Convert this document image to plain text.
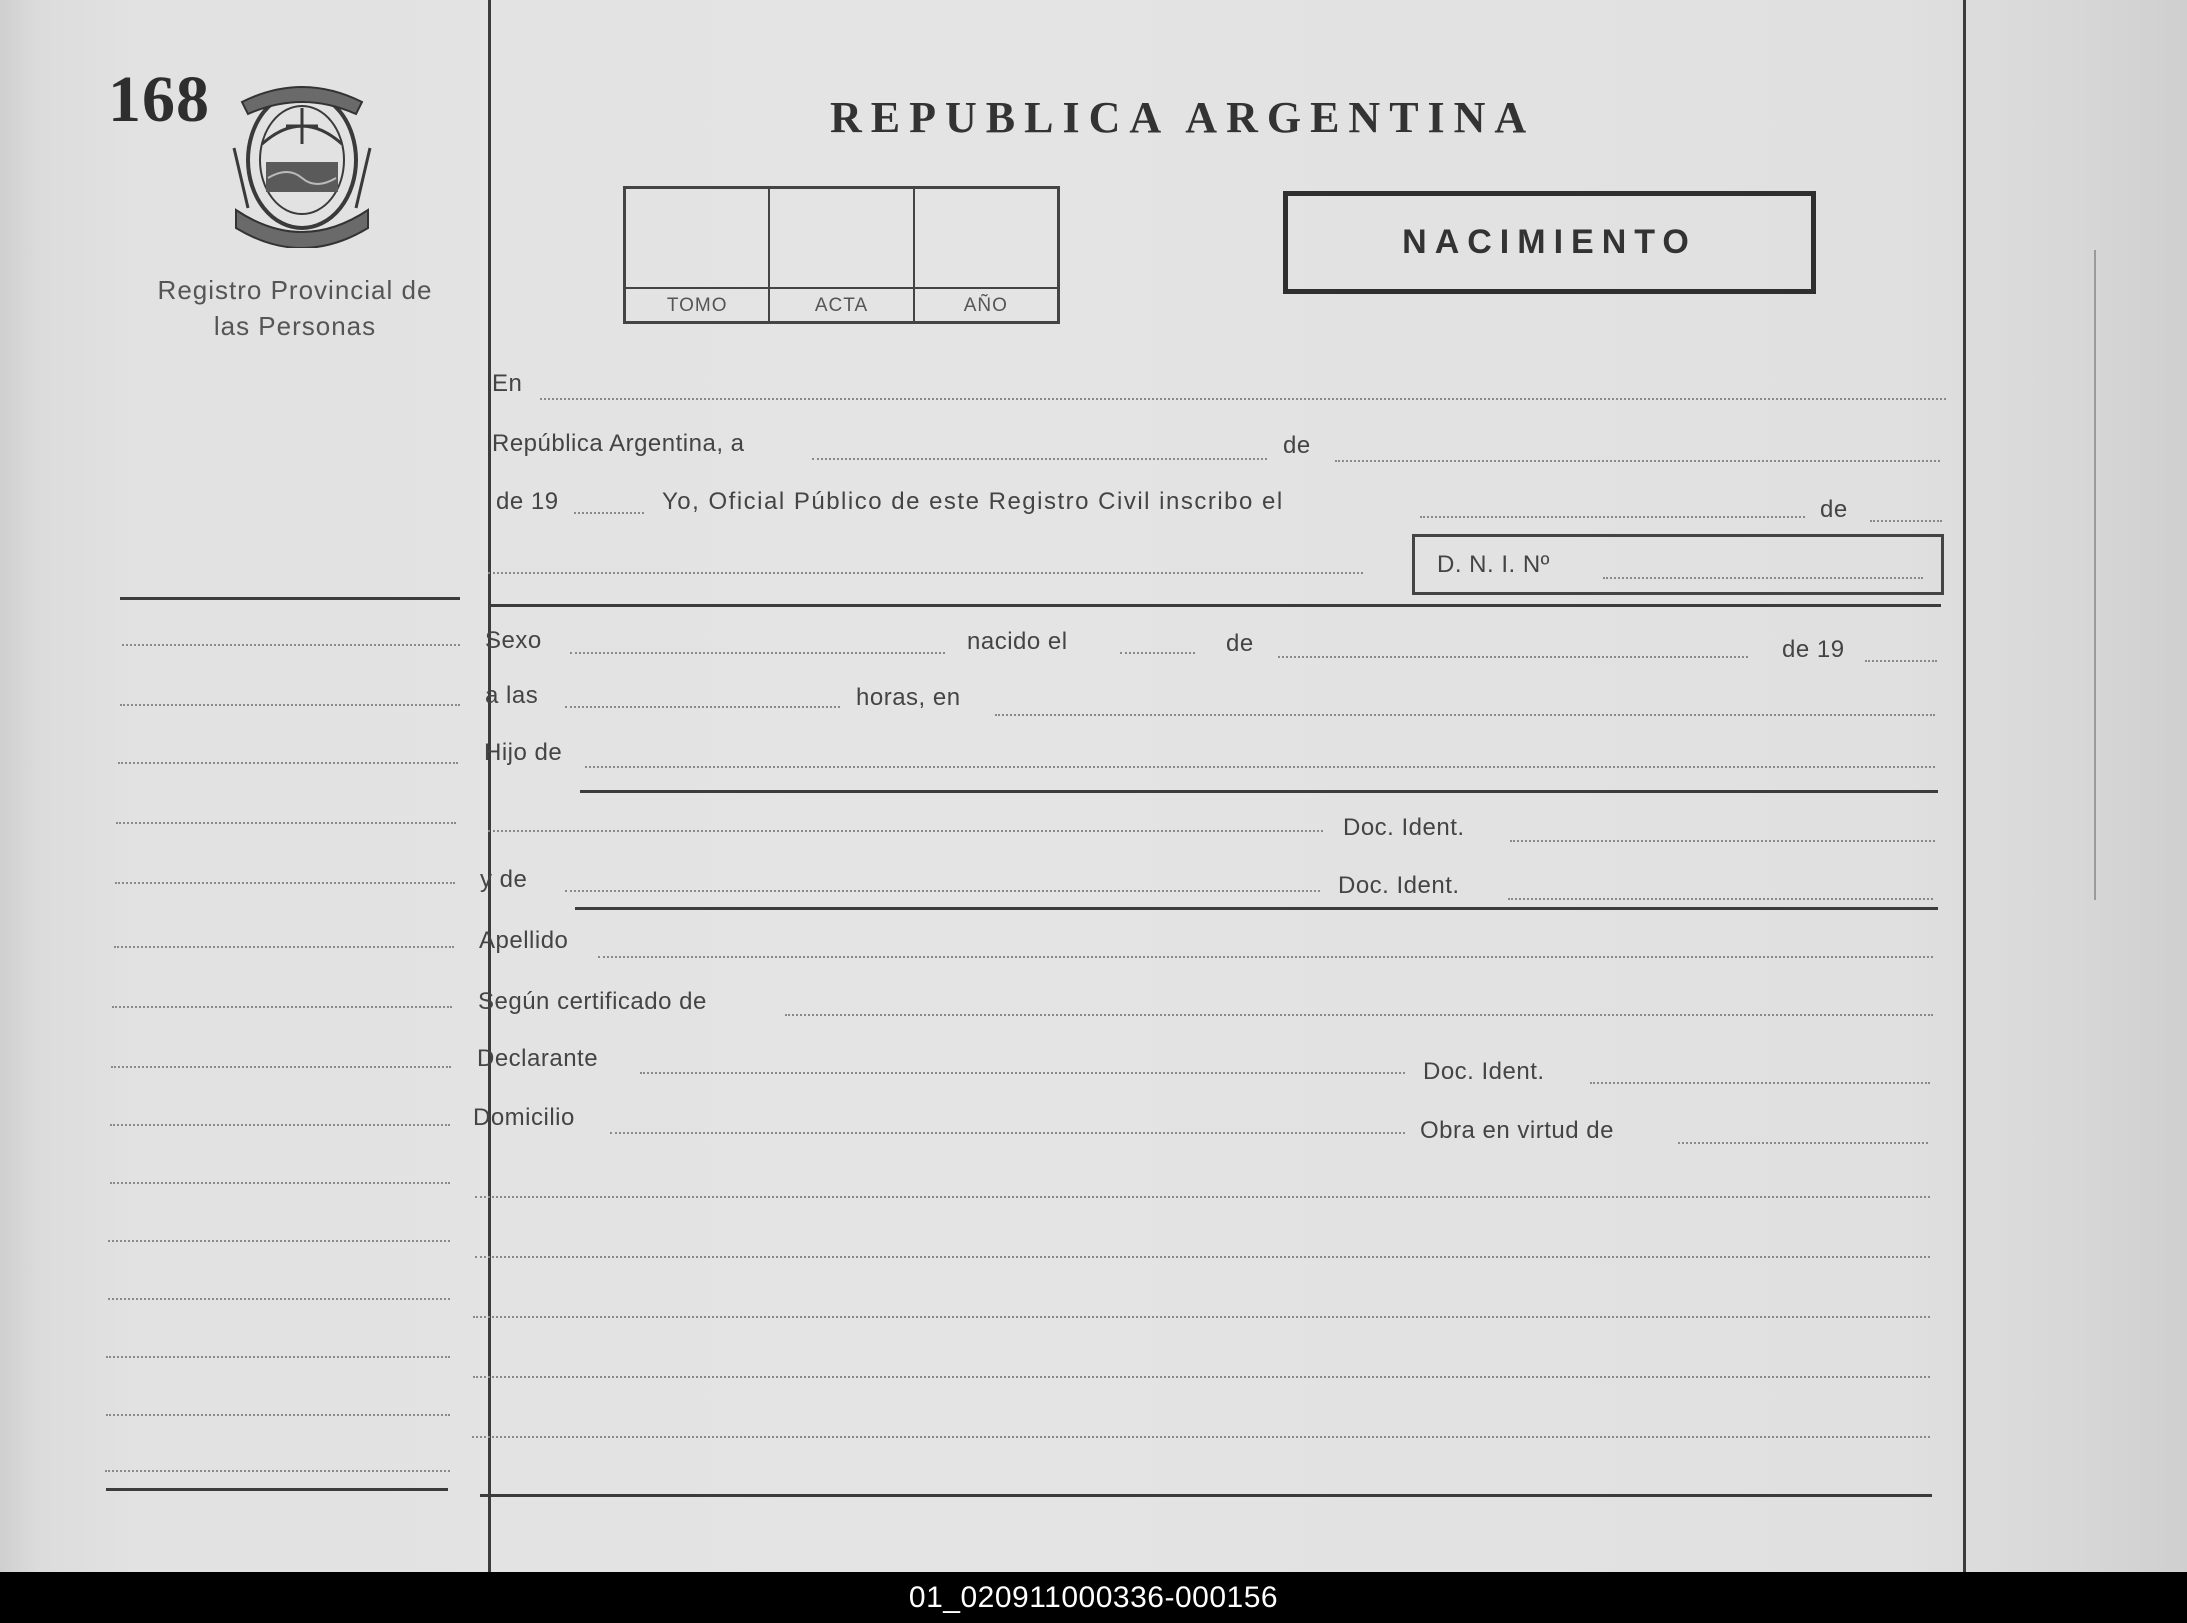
168
Registro Provincial de las Personas
REPUBLICA ARGENTINA
TOMO	ACTA	AÑO
NACIMIENTO
En
República Argentina, a	de
de 19	Yo, Oficial Público de este Registro Civil inscribo el	de
D. N. I. Nº
Sexo	nacido el	de	de 19
a las	horas, en
Hijo de
Doc. Ident.
y de	Doc. Ident.
Apellido
Según certificado de
Declarante	Doc. Ident.
Domicilio	Obra en virtud de
01_020911000336-000156
